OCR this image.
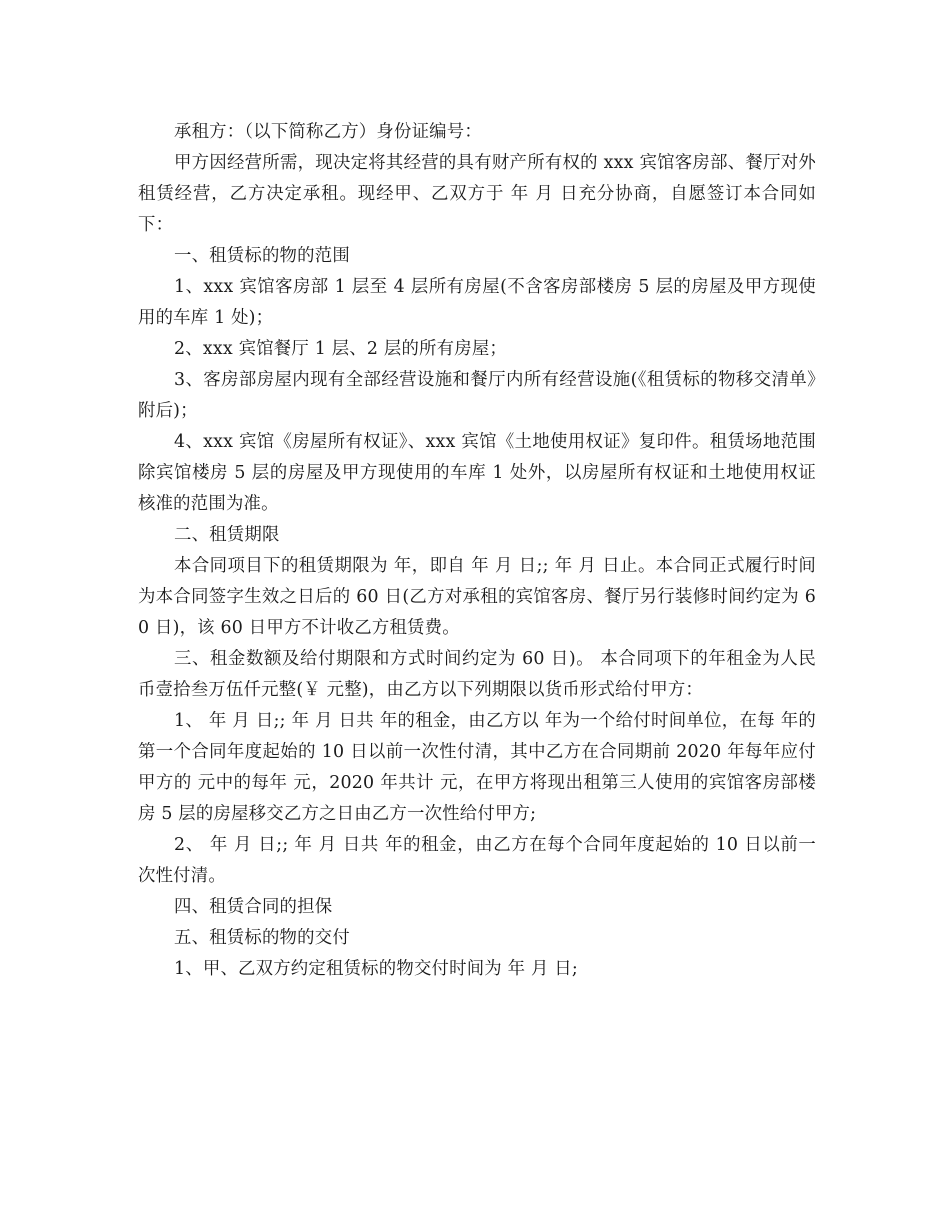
承租方：（以下简称乙方）身份证编号：

甲方因经营所需，现决定将其经营的具有财产所有权的 xxx 宾馆客房部、餐厅对外租赁经营，乙方决定承租。现经甲、乙双方于 年 月 日充分协商，自愿签订本合同如下：

一、租赁标的物的范围

1、xxx 宾馆客房部 1 层至 4 层所有房屋(不含客房部楼房 5 层的房屋及甲方现使用的车库 1 处)；

2、xxx 宾馆餐厅 1 层、2 层的所有房屋；

3、客房部房屋内现有全部经营设施和餐厅内所有经营设施(《租赁标的物移交清单》附后)；

4、xxx 宾馆《房屋所有权证》、xxx 宾馆《土地使用权证》复印件。租赁场地范围除宾馆楼房 5 层的房屋及甲方现使用的车库 1 处外，以房屋所有权证和土地使用权证核准的范围为准。

二、租赁期限

本合同项目下的租赁期限为 年，即自 年 月 日;; 年 月 日止。本合同正式履行时间为本合同签字生效之日后的 60 日(乙方对承租的宾馆客房、餐厅另行装修时间约定为 60 日)，该 60 日甲方不计收乙方租赁费。

三、租金数额及给付期限和方式时间约定为 60 日)。 本合同项下的年租金为人民币壹拾叁万伍仟元整(￥ 元整)，由乙方以下列期限以货币形式给付甲方：

1、 年 月 日;; 年 月 日共 年的租金，由乙方以 年为一个给付时间单位，在每 年的第一个合同年度起始的 10 日以前一次性付清，其中乙方在合同期前 2020 年每年应付甲方的 元中的每年 元，2020 年共计 元，在甲方将现出租第三人使用的宾馆客房部楼房 5 层的房屋移交乙方之日由乙方一次性给付甲方;

2、 年 月 日;; 年 月 日共 年的租金，由乙方在每个合同年度起始的 10 日以前一次性付清。

四、租赁合同的担保

五、租赁标的物的交付

1、甲、乙双方约定租赁标的物交付时间为 年 月 日;
